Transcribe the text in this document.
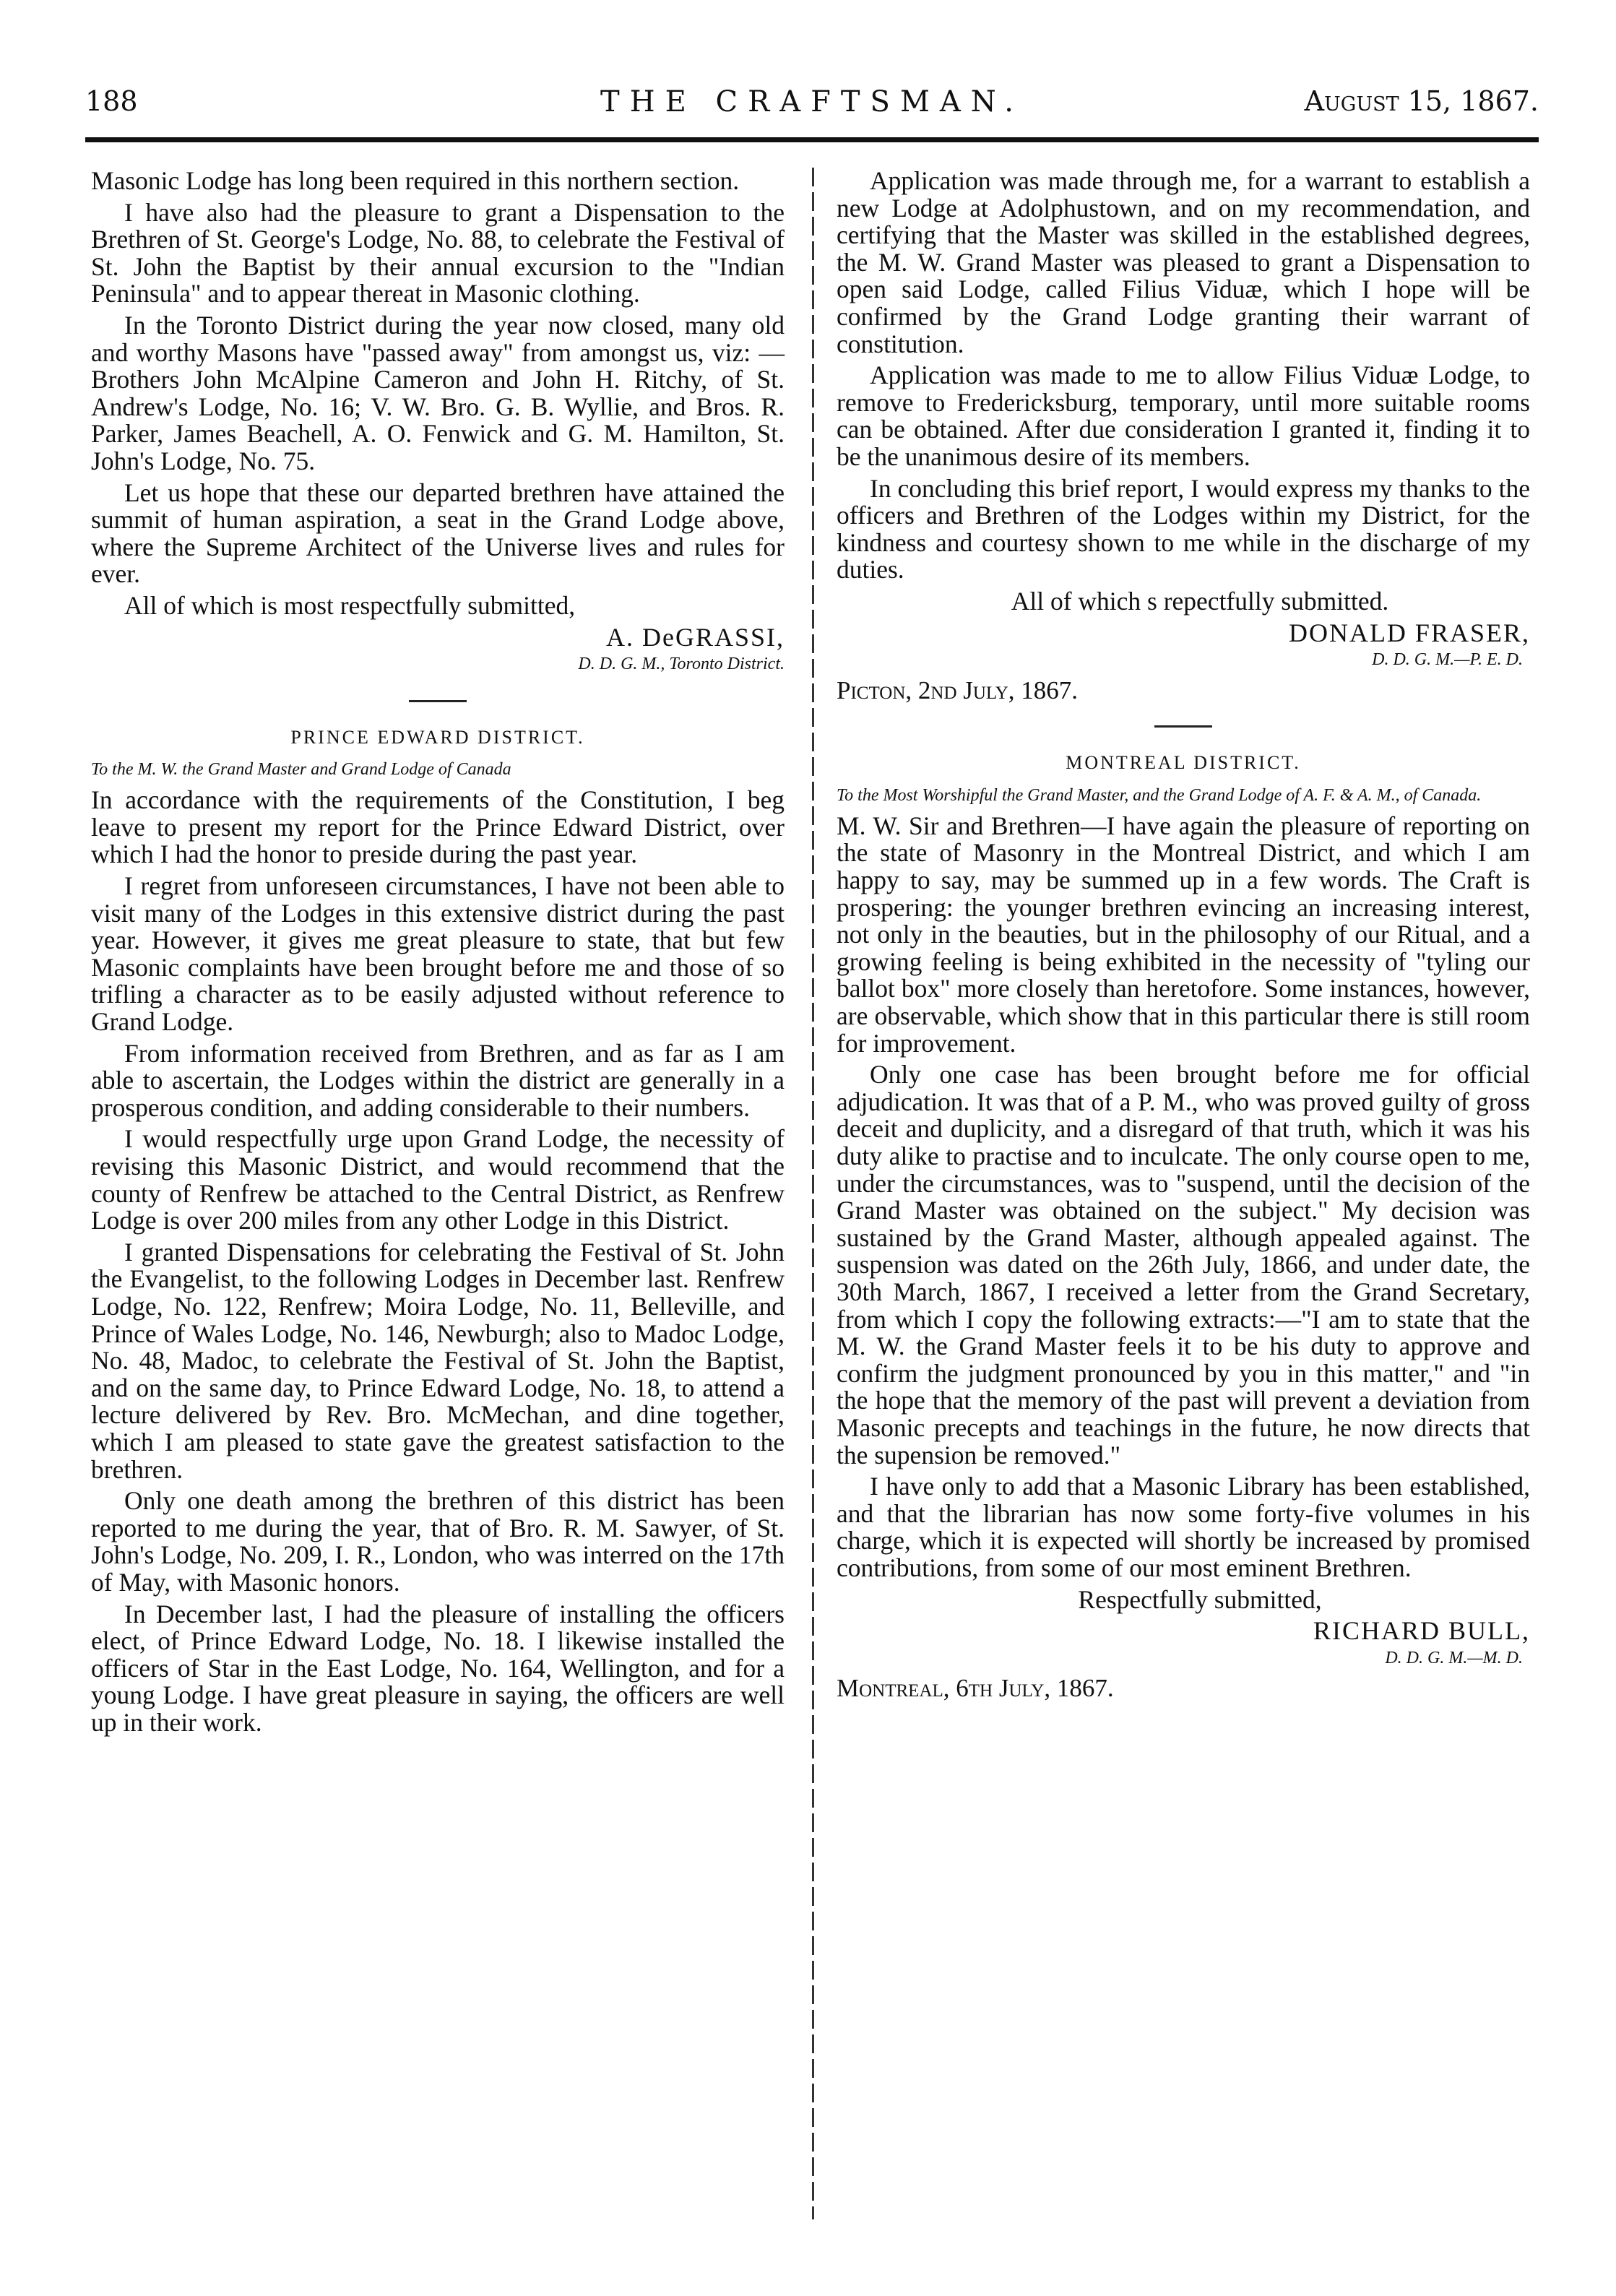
188	THE CRAFTSMAN.	August 15, 1867.

Masonic Lodge has long been required in this northern section.

I have also had the pleasure to grant a Dispensation to the Brethren of St. George's Lodge, No. 88, to celebrate the Festival of St. John the Baptist by their annual excursion to the "Indian Peninsula" and to appear thereat in Masonic clothing.

In the Toronto District during the year now closed, many old and worthy Masons have "passed away" from amongst us, viz: — Brothers John McAlpine Cameron and John H. Ritchy, of St. Andrew's Lodge, No. 16; V. W. Bro. G. B. Wyllie, and Bros. R. Parker, James Beachell, A. O. Fenwick and G. M. Hamilton, St. John's Lodge, No. 75.

Let us hope that these our departed brethren have attained the summit of human aspiration, a seat in the Grand Lodge above, where the Supreme Architect of the Universe lives and rules for ever.

All of which is most respectfully submitted,

A. DeGRASSI,
D. D. G. M., Toronto District.
PRINCE EDWARD DISTRICT.
To the M. W. the Grand Master and Grand Lodge of Canada

In accordance with the requirements of the Constitution, I beg leave to present my report for the Prince Edward District, over which I had the honor to preside during the past year.

I regret from unforeseen circumstances, I have not been able to visit many of the Lodges in this extensive district during the past year. However, it gives me great pleasure to state, that but few Masonic complaints have been brought before me and those of so trifling a character as to be easily adjusted without reference to Grand Lodge.

From information received from Brethren, and as far as I am able to ascertain, the Lodges within the district are generally in a prosperous condition, and adding considerable to their numbers.

I would respectfully urge upon Grand Lodge, the necessity of revising this Masonic District, and would recommend that the county of Renfrew be attached to the Central District, as Renfrew Lodge is over 200 miles from any other Lodge in this District.

I granted Dispensations for celebrating the Festival of St. John the Evangelist, to the following Lodges in December last. Renfrew Lodge, No. 122, Renfrew; Moira Lodge, No. 11, Belleville, and Prince of Wales Lodge, No. 146, Newburgh; also to Madoc Lodge, No. 48, Madoc, to celebrate the Festival of St. John the Baptist, and on the same day, to Prince Edward Lodge, No. 18, to attend a lecture delivered by Rev. Bro. McMechan, and dine together, which I am pleased to state gave the greatest satisfaction to the brethren.

Only one death among the brethren of this district has been reported to me during the year, that of Bro. R. M. Sawyer, of St. John's Lodge, No. 209, I. R., London, who was interred on the 17th of May, with Masonic honors.

In December last, I had the pleasure of installing the officers elect, of Prince Edward Lodge, No. 18. I likewise installed the officers of Star in the East Lodge, No. 164, Wellington, and for a young Lodge. I have great pleasure in saying, the officers are well up in their work.

Application was made through me, for a warrant to establish a new Lodge at Adolphustown, and on my recommendation, and certifying that the Master was skilled in the established degrees, the M. W. Grand Master was pleased to grant a Dispensation to open said Lodge, called Filius Viduæ, which I hope will be confirmed by the Grand Lodge granting their warrant of constitution.

Application was made to me to allow Filius Viduæ Lodge, to remove to Fredericksburg, temporary, until more suitable rooms can be obtained. After due consideration I granted it, finding it to be the unanimous desire of its members.

In concluding this brief report, I would express my thanks to the officers and Brethren of the Lodges within my District, for the kindness and courtesy shown to me while in the discharge of my duties.

All of which s repectfully submitted.

DONALD FRASER,
D. D. G. M.—P. E. D.
Picton, 2nd July, 1867.
MONTREAL DISTRICT.
To the Most Worshipful the Grand Master, and the Grand Lodge of A. F. & A. M., of Canada.

M. W. Sir and Brethren—I have again the pleasure of reporting on the state of Masonry in the Montreal District, and which I am happy to say, may be summed up in a few words. The Craft is prospering: the younger brethren evincing an increasing interest, not only in the beauties, but in the philosophy of our Ritual, and a growing feeling is being exhibited in the necessity of "tyling our ballot box" more closely than heretofore. Some instances, however, are observable, which show that in this particular there is still room for improvement.

Only one case has been brought before me for official adjudication. It was that of a P. M., who was proved guilty of gross deceit and duplicity, and a disregard of that truth, which it was his duty alike to practise and to inculcate. The only course open to me, under the circumstances, was to "suspend, until the decision of the Grand Master was obtained on the subject." My decision was sustained by the Grand Master, although appealed against. The suspension was dated on the 26th July, 1866, and under date, the 30th March, 1867, I received a letter from the Grand Secretary, from which I copy the following extracts:—"I am to state that the M. W. the Grand Master feels it to be his duty to approve and confirm the judgment pronounced by you in this matter," and "in the hope that the memory of the past will prevent a deviation from Masonic precepts and teachings in the future, he now directs that the supension be removed."

I have only to add that a Masonic Library has been established, and that the librarian has now some forty-five volumes in his charge, which it is expected will shortly be increased by promised contributions, from some of our most eminent Brethren.

Respectfully submitted,

RICHARD BULL,
D. D. G. M.—M. D.
Montreal, 6th July, 1867.
